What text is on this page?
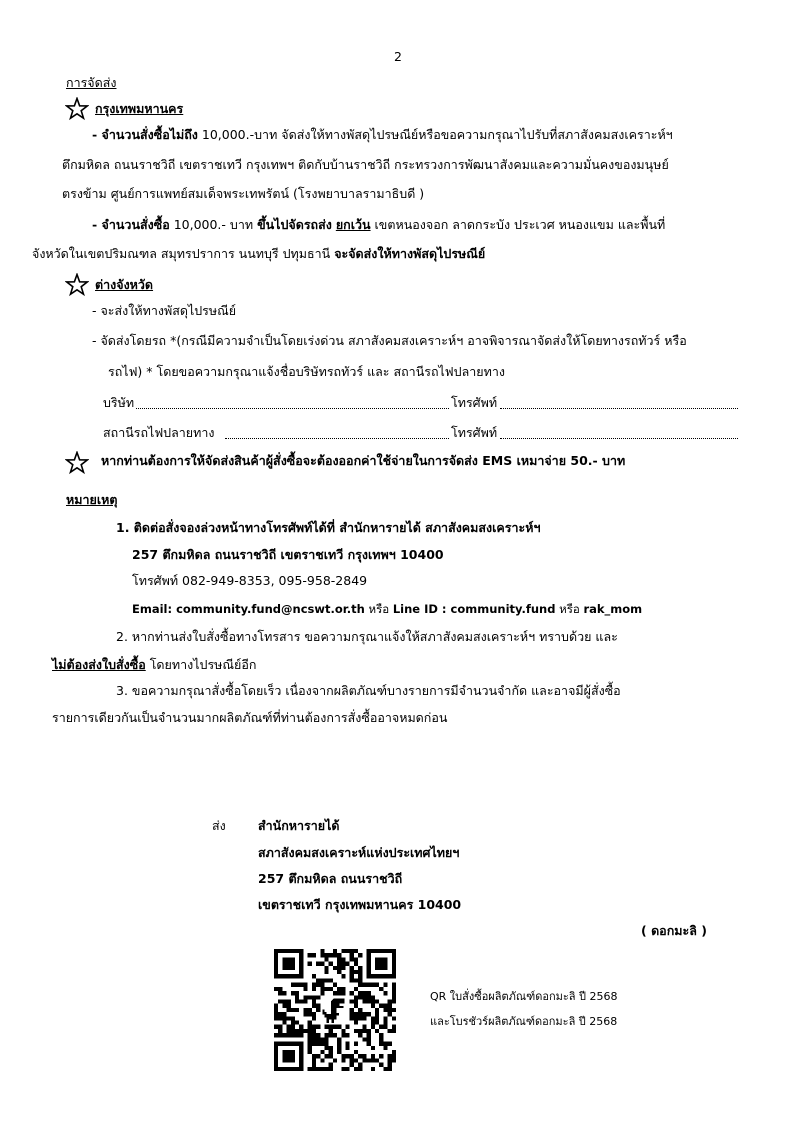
2
การจัดส่ง
กรุงเทพมหานคร
- จำนวนสั่งซื้อไม่ถึง 10,000.-บาท จัดส่งให้ทางพัสดุไปรษณีย์หรือขอความกรุณาไปรับที่สภาสังคมสงเคราะห์ฯ
ตึกมหิดล ถนนราชวิถี เขตราชเทวี กรุงเทพฯ ติดกับบ้านราชวิถี กระทรวงการพัฒนาสังคมและความมั่นคงของมนุษย์
ตรงข้าม ศูนย์การแพทย์สมเด็จพระเทพรัตน์ (โรงพยาบาลรามาธิบดี )
- จำนวนสั่งซื้อ 10,000.- บาท ขึ้นไปจัดรถส่ง ยกเว้น เขตหนองจอก ลาดกระบัง ประเวศ หนองแขม และพื้นที่
จังหวัดในเขตปริมณฑล สมุทรปราการ นนทบุรี ปทุมธานี จะจัดส่งให้ทางพัสดุไปรษณีย์
ต่างจังหวัด
- จะส่งให้ทางพัสดุไปรษณีย์
- จัดส่งโดยรถ *(กรณีมีความจำเป็นโดยเร่งด่วน สภาสังคมสงเคราะห์ฯ อาจพิจารณาจัดส่งให้โดยทางรถทัวร์ หรือ
รถไฟ) * โดยขอความกรุณาแจ้งชื่อบริษัทรถทัวร์ และ สถานีรถไฟปลายทาง
บริษัท	โทรศัพท์
สถานีรถไฟปลายทาง	โทรศัพท์
หากท่านต้องการให้จัดส่งสินค้าผู้สั่งซื้อจะต้องออกค่าใช้จ่ายในการจัดส่ง EMS เหมาจ่าย 50.- บาท
หมายเหตุ
1. ติดต่อสั่งจองล่วงหน้าทางโทรศัพท์ได้ที่ สำนักหารายได้ สภาสังคมสงเคราะห์ฯ
257 ตึกมหิดล ถนนราชวิถี เขตราชเทวี กรุงเทพฯ 10400
โทรศัพท์ 082-949-8353, 095-958-2849
Email: community.fund@ncswt.or.th หรือ Line ID : community.fund หรือ rak_mom
2. หากท่านส่งใบสั่งซื้อทางโทรสาร ขอความกรุณาแจ้งให้สภาสังคมสงเคราะห์ฯ ทราบด้วย และ
ไม่ต้องส่งใบสั่งซื้อ โดยทางไปรษณีย์อีก
3. ขอความกรุณาสั่งซื้อโดยเร็ว เนื่องจากผลิตภัณฑ์บางรายการมีจำนวนจำกัด และอาจมีผู้สั่งซื้อ
รายการเดียวกันเป็นจำนวนมากผลิตภัณฑ์ที่ท่านต้องการสั่งซื้ออาจหมดก่อน
ส่ง	สำนักหารายได้
สภาสังคมสงเคราะห์แห่งประเทศไทยฯ
257 ตึกมหิดล ถนนราชวิถี
เขตราชเทวี กรุงเทพมหานคร 10400
( ดอกมะลิ )
QR ใบสั่งซื้อผลิตภัณฑ์ดอกมะลิ ปี 2568
และโบรชัวร์ผลิตภัณฑ์ดอกมะลิ ปี 2568
